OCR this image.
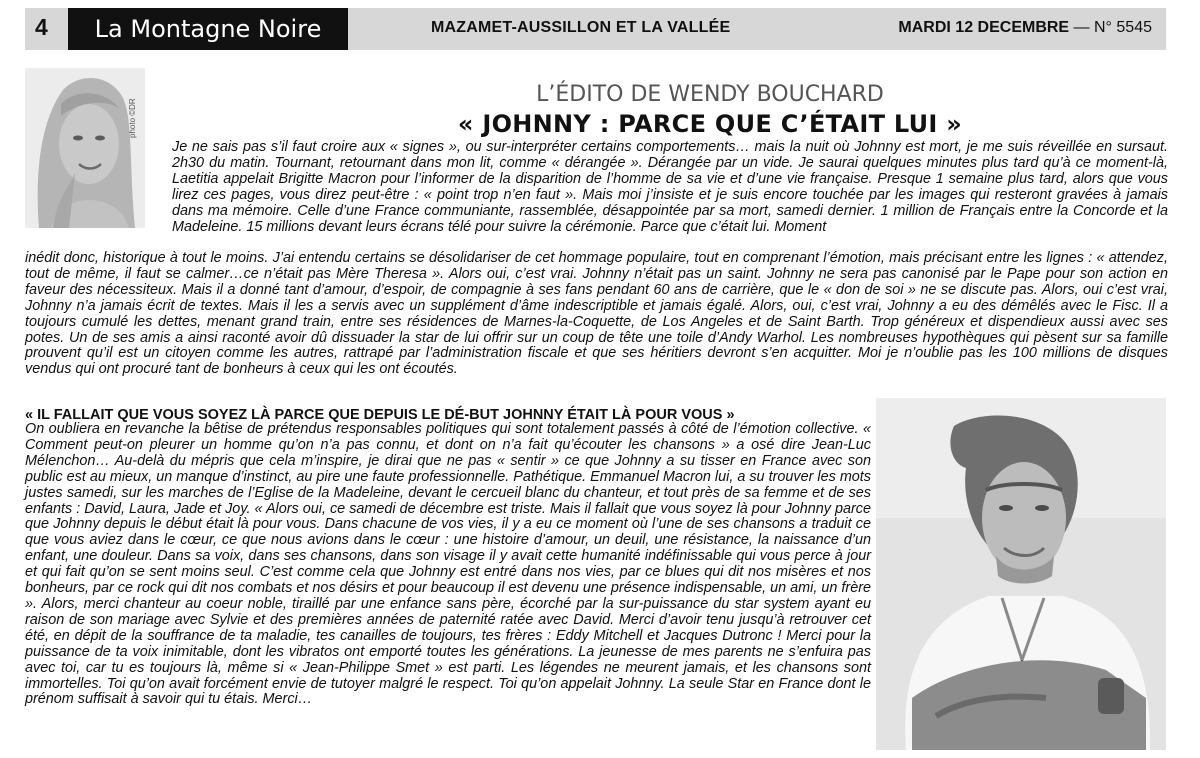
4	La Montagne Noire	MAZAMET-AUSSILLON ET LA VALLÉE	MARDI 12 DECEMBRE — N° 5545
photo ©DR
L’ÉDITO DE WENDY BOUCHARD
« JOHNNY : PARCE QUE C’ÉTAIT LUI »

Je ne sais pas s’il faut croire aux « signes », ou sur-interpréter certains comportements… mais la nuit où Johnny est mort, je me suis réveillée en sursaut. 2h30 du matin. Tournant, retournant dans mon lit, comme « dérangée ». Dérangée par un vide. Je saurai quelques minutes plus tard qu’à ce moment-là, Laetitia appelait Brigitte Macron pour l’informer de la disparition de l’homme de sa vie et d’une vie française. Presque 1 semaine plus tard, alors que vous lirez ces pages, vous direz peut-être : « point trop n’en faut ». Mais moi j’insiste et je suis encore touchée par les images qui resteront gravées à jamais dans ma mémoire. Celle d’une France communiante, rassemblée, désappointée par sa mort, samedi dernier. 1 million de Français entre la Concorde et la Madeleine. 15 millions devant leurs écrans télé pour suivre la cérémonie. Parce que c’était lui. Moment

inédit donc, historique à tout le moins. J’ai entendu certains se désolidariser de cet hommage populaire, tout en comprenant l’émotion, mais précisant entre les lignes : « attendez, tout de même, il faut se calmer…ce n’était pas Mère Theresa ». Alors oui, c’est vrai. Johnny n’était pas un saint. Johnny ne sera pas canonisé par le Pape pour son action en faveur des nécessiteux. Mais il a donné tant d’amour, d’espoir, de compagnie à ses fans pendant 60 ans de carrière, que le « don de soi » ne se discute pas. Alors, oui c’est vrai, Johnny n’a jamais écrit de textes. Mais il les a servis avec un supplément d’âme indescriptible et jamais égalé. Alors, oui, c’est vrai, Johnny a eu des démêlés avec le Fisc. Il a toujours cumulé les dettes, menant grand train, entre ses résidences de Marnes-la-Coquette, de Los Angeles et de Saint Barth. Trop généreux et dispendieux aussi avec ses potes. Un de ses amis a ainsi raconté avoir dû dissuader la star de lui offrir sur un coup de tête une toile d’Andy Warhol. Les nombreuses hypothèques qui pèsent sur sa famille prouvent qu’il est un citoyen comme les autres, rattrapé par l’administration fiscale et que ses héritiers devront s’en acquitter. Moi je n’oublie pas les 100 millions de disques vendus qui ont procuré tant de bonheurs à ceux qui les ont écoutés.

« IL FALLAIT QUE VOUS SOYEZ LÀ PARCE QUE DEPUIS LE DÉ-BUT JOHNNY ÉTAIT LÀ POUR VOUS »

On oubliera en revanche la bêtise de prétendus responsables politiques qui sont totalement passés à côté de l’émotion collective. « Comment peut-on pleurer un homme qu’on n’a pas connu, et dont on n’a fait qu’écouter les chansons » a osé dire Jean-Luc Mélenchon… Au-delà du mépris que cela m’inspire, je dirai que ne pas « sentir » ce que Johnny a su tisser en France avec son public est au mieux, un manque d’instinct, au pire une faute professionnelle. Pathétique. Emmanuel Macron lui, a su trouver les mots justes samedi, sur les marches de l’Eglise de la Madeleine, devant le cercueil blanc du chanteur, et tout près de sa femme et de ses enfants : David, Laura, Jade et Joy. « Alors oui, ce samedi de décembre est triste. Mais il fallait que vous soyez là pour Johnny parce que Johnny depuis le début était là pour vous. Dans chacune de vos vies, il y a eu ce moment où l’une de ses chansons a traduit ce que vous aviez dans le cœur, ce que nous avions dans le cœur : une histoire d’amour, un deuil, une résistance, la naissance d’un enfant, une douleur. Dans sa voix, dans ses chansons, dans son visage il y avait cette humanité indéfinissable qui vous perce à jour et qui fait qu’on se sent moins seul. C’est comme cela que Johnny est entré dans nos vies, par ce blues qui dit nos misères et nos bonheurs, par ce rock qui dit nos combats et nos désirs et pour beaucoup il est devenu une présence indispensable, un ami, un frère ». Alors, merci chanteur au coeur noble, tiraillé par une enfance sans père, écorché par la sur-puissance du star system ayant eu raison de son mariage avec Sylvie et des premières années de paternité ratée avec David. Merci d’avoir tenu jusqu’à retrouver cet été, en dépit de la souffrance de ta maladie, tes canailles de toujours, tes frères : Eddy Mitchell et Jacques Dutronc ! Merci pour la puissance de ta voix inimitable, dont les vibratos ont emporté toutes les générations. La jeunesse de mes parents ne s’enfuira pas avec toi, car tu es toujours là, même si « Jean-Philippe Smet » est parti. Les légendes ne meurent jamais, et les chansons sont immortelles. Toi qu’on avait forcément envie de tutoyer malgré le respect. Toi qu’on appelait Johnny. La seule Star en France dont le prénom suffisait à savoir qui tu étais. Merci…
